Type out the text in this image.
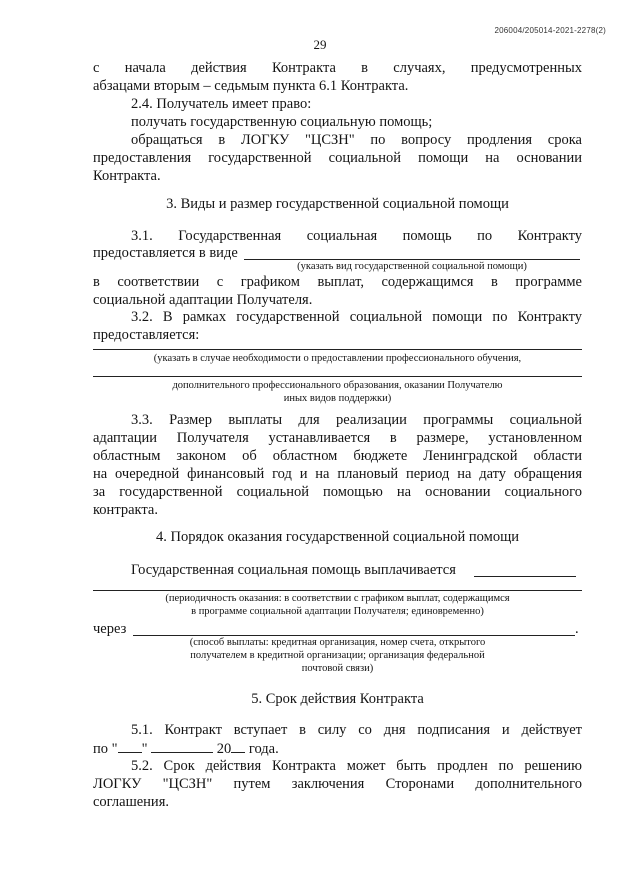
206004/205014-2021-2278(2)
29
с начала действия Контракта в случаях, предусмотренных
абзацами вторым – седьмым пункта 6.1 Контракта.
2.4. Получатель имеет право:
получать государственную социальную помощь;
обращаться в ЛОГКУ "ЦСЗН" по вопросу продления срока
предоставления государственной социальной помощи на основании
Контракта.
3. Виды и размер государственной социальной помощи
3.1. Государственная социальная помощь по Контракту
предоставляется в виде
(указать вид государственной социальной помощи)
в соответствии с графиком выплат, содержащимся в программе
социальной адаптации Получателя.
3.2. В рамках государственной социальной помощи по Контракту
предоставляется:
(указать в случае необходимости о предоставлении профессионального обучения,
дополнительного профессионального образования, оказании Получателю
иных видов поддержки)
3.3. Размер выплаты для реализации программы социальной
адаптации Получателя устанавливается в размере, установленном
областным законом об областном бюджете Ленинградской области
на очередной финансовый год и на плановый период на дату обращения
за государственной социальной помощью на основании социального
контракта.
4. Порядок оказания государственной социальной помощи
Государственная социальная помощь выплачивается
(периодичность оказания: в соответствии с графиком выплат, содержащимся
в программе социальной адаптации Получателя; единовременно)
через	.
(способ выплаты: кредитная организация, номер счета, открытого
получателем в кредитной организации; организация федеральной
почтовой связи)
5. Срок действия Контракта
5.1. Контракт вступает в силу со дня подписания и действует
по " "	20 года.
5.2. Срок действия Контракта может быть продлен по решению
ЛОГКУ "ЦСЗН" путем заключения Сторонами дополнительного
соглашения.
